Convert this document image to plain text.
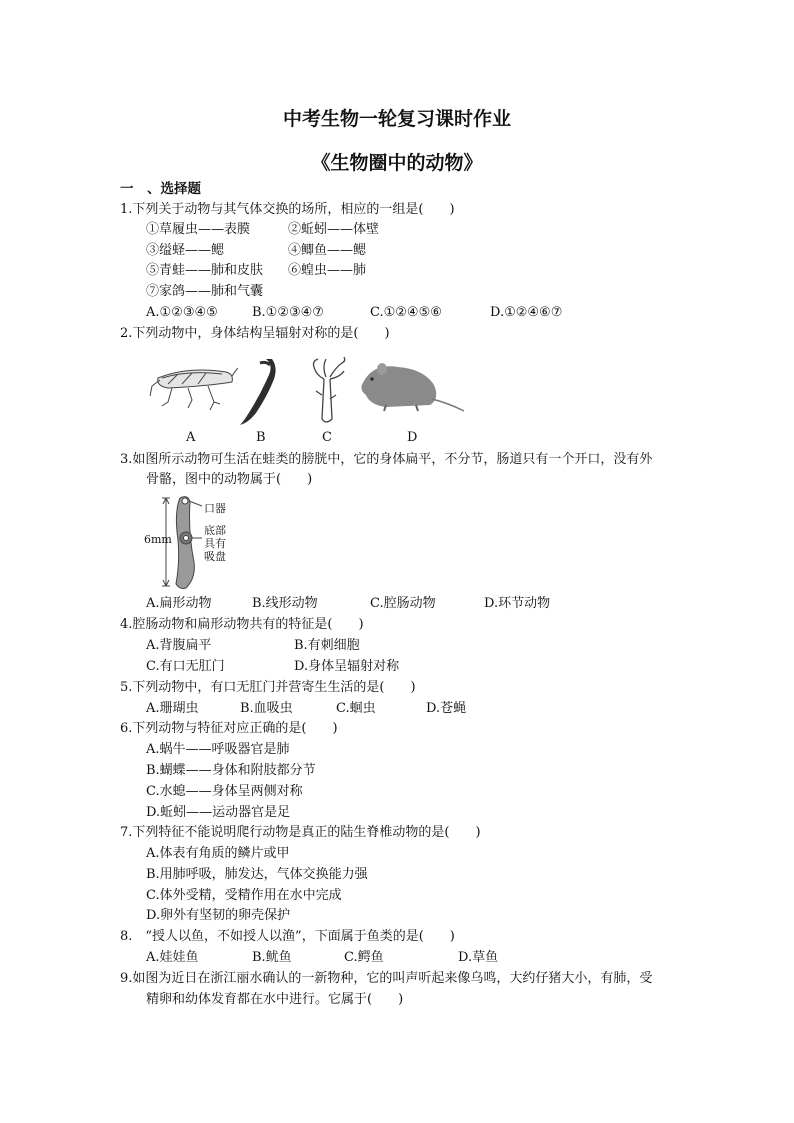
中考生物一轮复习课时作业
《生物圈中的动物》
一　、选择题
1.下列关于动物与其气体交换的场所，相应的一组是(　　)
①草履虫——表膜	②蚯蚓——体壁
③缢蛏——鳃	④鲫鱼——鳃
⑤青蛙——肺和皮肤 ⑥蝗虫——肺
⑦家鸽——肺和气囊
A.①②③④⑤	B.①②③④⑦	C.①②④⑤⑥	D.①②④⑥⑦
2.下列动物中，身体结构呈辐射对称的是(　　)
A	B	C	D
3.如图所示动物可生活在蛙类的膀胱中，它的身体扁平，不分节，肠道只有一个开口，没有外
骨骼，图中的动物属于(　　)
6mm
口器
底部
具有
吸盘
A.扁形动物	B.线形动物	C.腔肠动物	D.环节动物
4.腔肠动物和扁形动物共有的特征是(　　)
A.背腹扁平	B.有刺细胞
C.有口无肛门	D.身体呈辐射对称
5.下列动物中，有口无肛门并营寄生生活的是(　　)
A.珊瑚虫	B.血吸虫	C.蛔虫	D.苍蝇
6.下列动物与特征对应正确的是(　　)
A.蜗牛——呼吸器官是肺
B.蝴蝶——身体和附肢都分节
C.水螅——身体呈两侧对称
D.蚯蚓——运动器官是足
7.下列特征不能说明爬行动物是真正的陆生脊椎动物的是(　　)
A.体表有角质的鳞片或甲
B.用肺呼吸，肺发达，气体交换能力强
C.体外受精，受精作用在水中完成
D.卵外有坚韧的卵壳保护
8.　“授人以鱼，不如授人以渔”，下面属于鱼类的是(　　)
A.娃娃鱼	B.鱿鱼	C.鳄鱼	D.草鱼
9.如图为近日在浙江丽水确认的一新物种，它的叫声听起来像乌鸣，大约仔猪大小，有肺，受
精卵和幼体发育都在水中进行。它属于(　　)
